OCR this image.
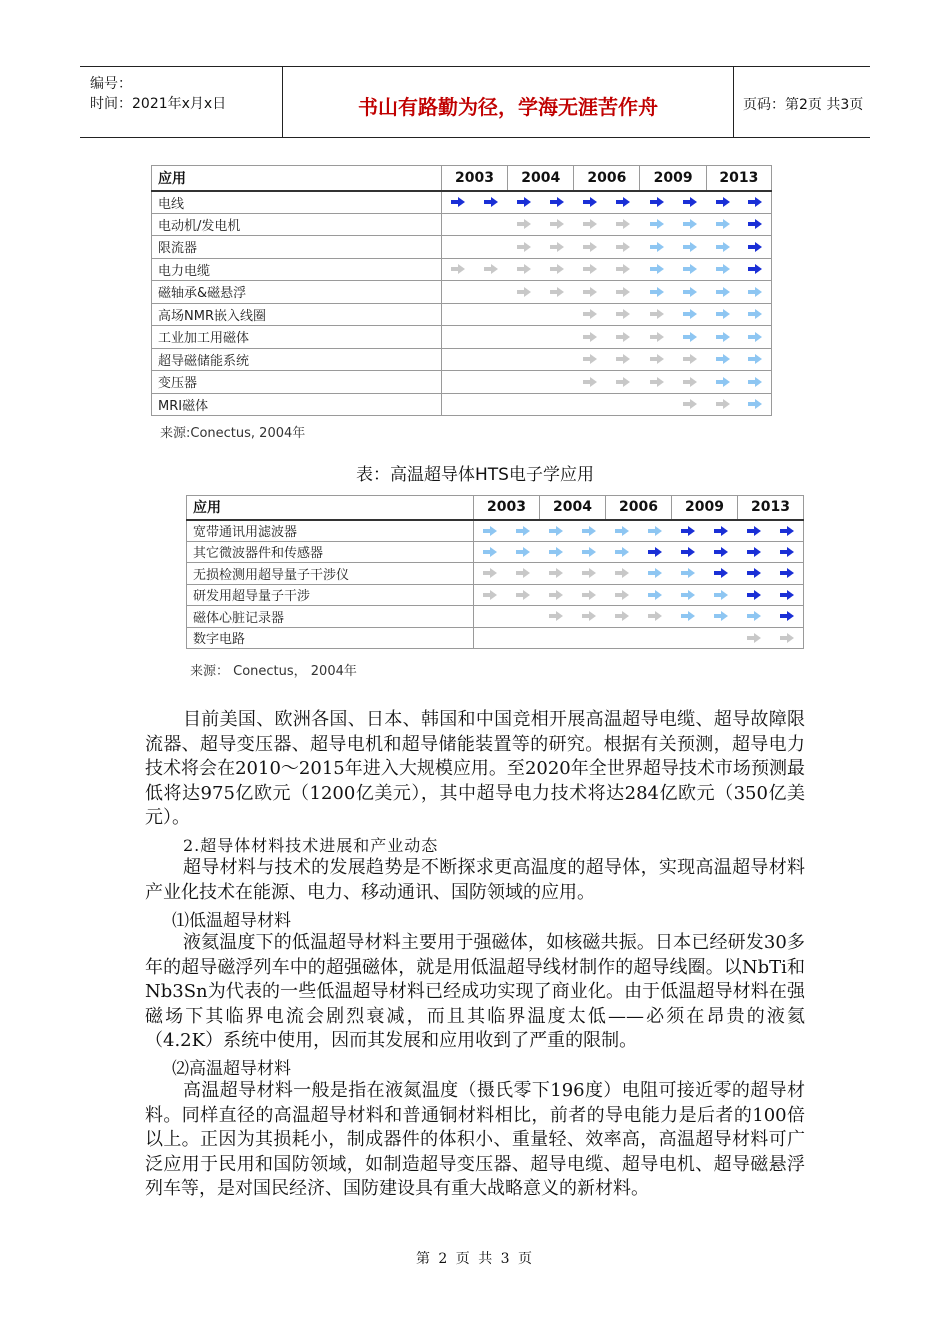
编号：
时间：2021年x月x日	书山有路勤为径，学海无涯苦作舟	页码：第2页 共3页
应用	2003		2004		2006		2009		2013	
电线	

电动机/发电机			

限流器			

电力电缆	

磁轴承&磁悬浮			

高场NMR嵌入线圈					

工业加工用磁体					

超导磁储能系统					

变压器					

MRI磁体								

来源:Conectus, 2004年
表：高温超导体HTS电子学应用
应用	2003		2004		2006		2009		2013	
宽带通讯用滤波器	

其它微波器件和传感器	

无损检测用超导量子干涉仪	

研发用超导量子干涉	

磁体心脏记录器			

数字电路									

来源： Conectus， 2004年

目前美国、欧洲各国、日本、韩国和中国竞相开展高温超导电缆、超导故障限流器、超导变压器、超导电机和超导储能装置等的研究。根据有关预测，超导电力技术将会在2010～2015年进入大规模应用。至2020年全世界超导技术市场预测最低将达975亿欧元（1200亿美元），其中超导电力技术将达284亿欧元（350亿美元）。

2.超导体材料技术进展和产业动态

超导材料与技术的发展趋势是不断探求更高温度的超导体，实现高温超导材料产业化技术在能源、电力、移动通讯、国防领域的应用。

⑴低温超导材料

液氦温度下的低温超导材料主要用于强磁体，如核磁共振。日本已经研发30多年的超导磁浮列车中的超强磁体，就是用低温超导线材制作的超导线圈。以NbTi和Nb3Sn为代表的一些低温超导材料已经成功实现了商业化。由于低温超导材料在强磁场下其临界电流会剧烈衰减，而且其临界温度太低——必须在昂贵的液氦（4.2K）系统中使用，因而其发展和应用收到了严重的限制。

⑵高温超导材料

高温超导材料一般是指在液氮温度（摄氏零下196度）电阻可接近零的超导材料。同样直径的高温超导材料和普通铜材料相比，前者的导电能力是后者的100倍以上。正因为其损耗小，制成器件的体积小、重量轻、效率高，高温超导材料可广泛应用于民用和国防领域，如制造超导变压器、超导电缆、超导电机、超导磁悬浮列车等，是对国民经济、国防建设具有重大战略意义的新材料。

第 2 页 共 3 页
